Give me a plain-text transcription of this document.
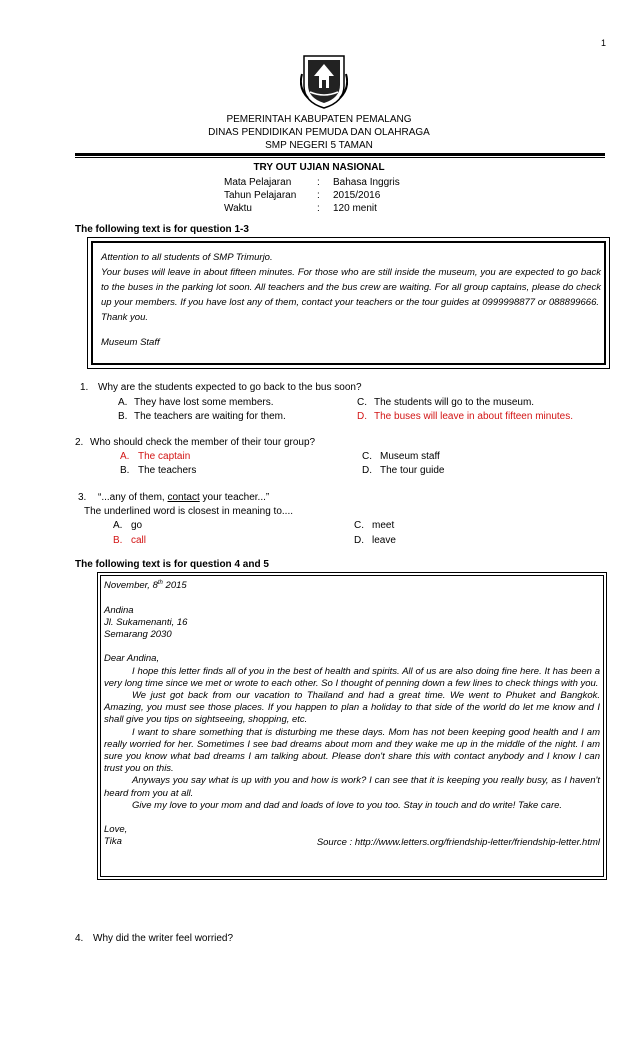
1
PEMERINTAH KABUPATEN PEMALANG
DINAS PENDIDIKAN PEMUDA DAN OLAHRAGA
SMP NEGERI 5 TAMAN
TRY OUT UJIAN NASIONAL
Mata Pelajaran	: Bahasa Inggris
Tahun Pelajaran : 2015/2016
Waktu	: 120 menit
The following text is for question 1-3
Attention to all students of SMP Trimurjo.
Your buses will leave in about fifteen minutes. For those who are still inside the museum, you are expected to go back to the buses in the parking lot soon. All teachers and the bus crew are waiting. For all group captains, please do check up your members. If you have lost any of them, contact your teachers or the tour guides at 0999998877 or 088899666.
Thank you.
Museum Staff
1. Why are the students expected to go back to the bus soon?
A. They have lost some members.
B. The teachers are waiting for them.
C. The students will go to the museum.
D. The buses will leave in about fifteen minutes.
2. Who should check the member of their tour group?
A. The captain
B. The teachers
C. Museum staff
D. The tour guide
3. “...any of them, contact your teacher...”
The underlined word is closest in meaning to....
A. go
B. call
C. meet
D. leave
The following text is for question 4 and 5

November, 8th 2015

Andina

Jl. Sukamenanti, 16

Semarang 2030

Dear Andina,

I hope this letter finds all of you in the best of health and spirits. All of us are also doing fine here. It has been a very long time since we met or wrote to each other. So I thought of penning down a few lines to check things with you.

We just got back from our vacation to Thailand and had a great time. We went to Phuket and Bangkok. Amazing, you must see those places. If you happen to plan a holiday to that side of the world do let me know and I shall give you tips on sightseeing, shopping, etc.

I want to share something that is disturbing me these days. Mom has not been keeping good health and I am really worried for her. Sometimes I see bad dreams about mom and they wake me up in the middle of the night. I am sure you know what bad dreams I am talking about. Please don't share this with contact anybody and I know I can trust you on this.

Anyways you say what is up with you and how is work? I can see that it is keeping you really busy, as I haven't heard from you at all.

Give my love to your mom and dad and loads of love to you too. Stay in touch and do write! Take care.

Love,

Tika	Source : http://www.letters.org/friendship-letter/friendship-letter.html

4. Why did the writer feel worried?
